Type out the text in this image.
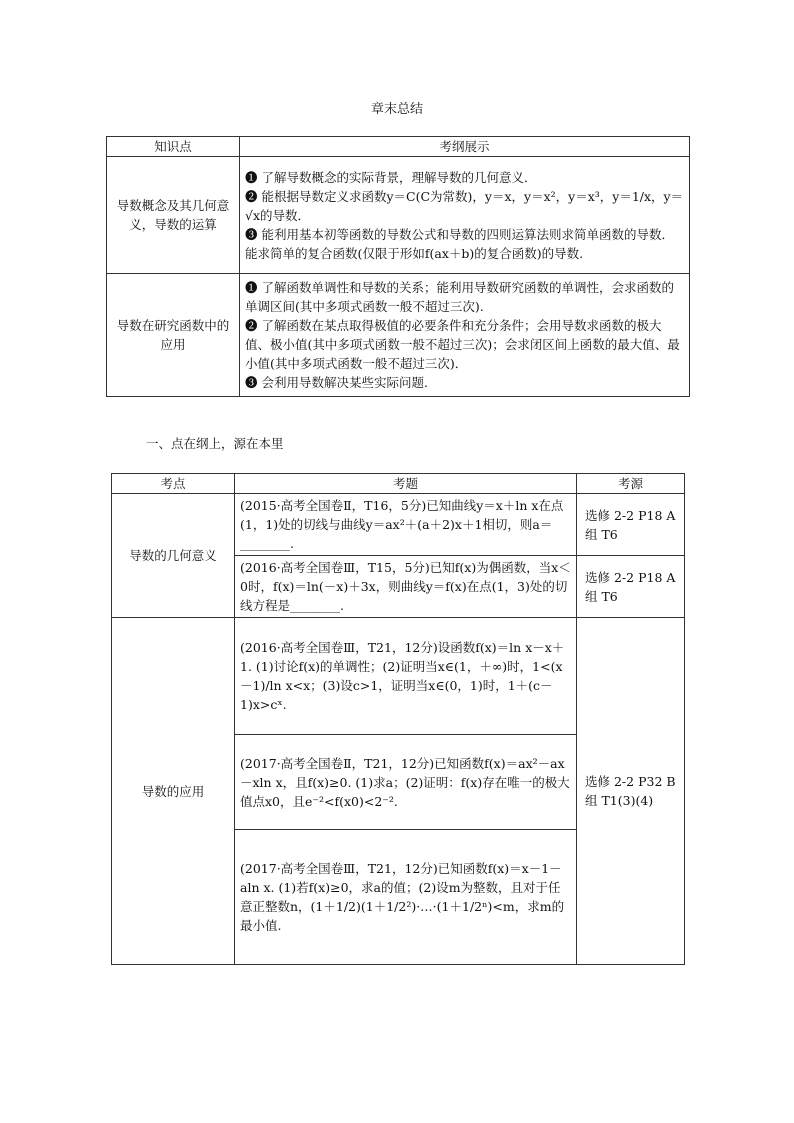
章末总结
知识点	考纲展示
导数概念及其几何意义，导数的运算	❶ 了解导数概念的实际背景，理解导数的几何意义．
❷ 能根据导数定义求函数y＝C(C为常数)，y＝x，y＝x²，y＝x³，y＝1/x，y＝√x的导数．
❸ 能利用基本初等函数的导数公式和导数的四则运算法则求简单函数的导数．能求简单的复合函数(仅限于形如f(ax＋b)的复合函数)的导数.

导数在研究函数中的应用	❶ 了解函数单调性和导数的关系；能利用导数研究函数的单调性，会求函数的单调区间(其中多项式函数一般不超过三次).
❷ 了解函数在某点取得极值的必要条件和充分条件；会用导数求函数的极大值、极小值(其中多项式函数一般不超过三次)；会求闭区间上函数的最大值、最小值(其中多项式函数一般不超过三次)．
❸ 会利用导数解决某些实际问题.
一、点在纲上，源在本里
考点	考题	考源
导数的几何意义	(2015·高考全国卷Ⅱ，T16，5分)已知曲线y＝x＋ln x在点(1，1)处的切线与曲线y＝ax²＋(a＋2)x＋1相切，则a＝________.	选修 2-2 P18 A组 T6
	(2016·高考全国卷Ⅲ，T15，5分)已知f(x)为偶函数，当x＜0时，f(x)＝ln(－x)＋3x，则曲线y＝f(x)在点(1，3)处的切线方程是________.	选修 2-2 P18 A组 T6
导数的应用	(2016·高考全国卷Ⅲ，T21，12分)设函数f(x)＝ln x－x＋1. (1)讨论f(x)的单调性；(2)证明当x∈(1，＋∞)时，1<(x－1)/ln x<x；(3)设c>1，证明当x∈(0，1)时，1＋(c－1)x>cˣ.	选修 2-2 P32 B组 T1(3)(4)
	(2017·高考全国卷Ⅱ，T21，12分)已知函数f(x)＝ax²－ax－xln x，且f(x)≥0. (1)求a；(2)证明：f(x)存在唯一的极大值点x0，且e⁻²<f(x0)<2⁻².	
	(2017·高考全国卷Ⅲ，T21，12分)已知函数f(x)＝x－1－aln x. (1)若f(x)≥0，求a的值；(2)设m为整数，且对于任意正整数n，(1＋1/2)(1＋1/2²)·…·(1＋1/2ⁿ)<m，求m的最小值.	
